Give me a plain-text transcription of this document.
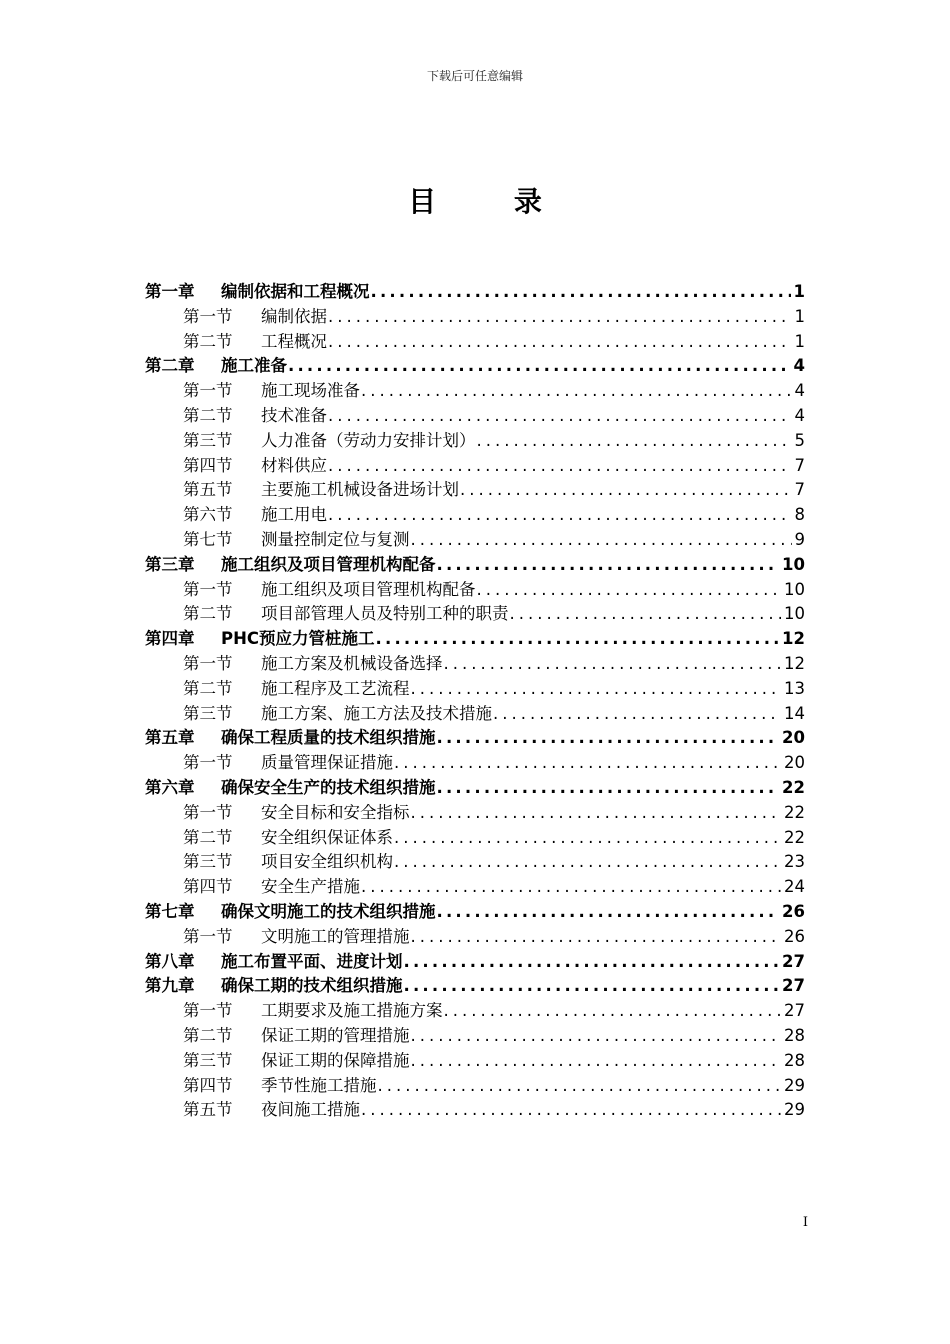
下载后可任意编辑
目 录
第一章	编制依据和工程概况 .....	1
第一节	编制依据 .....	1
第二节	工程概况 .....	1
第二章	施工准备 .....	4
第一节	施工现场准备 .....	4
第二节	技术准备 .....	4
第三节	人力准备（劳动力安排计划） .....	5
第四节	材料供应 .....	7
第五节	主要施工机械设备进场计划 .....	7
第六节	施工用电 .....	8
第七节	测量控制定位与复测 .....	9
第三章	施工组织及项目管理机构配备 .....	10
第一节	施工组织及项目管理机构配备 .....	10
第二节	项目部管理人员及特别工种的职责 .....	10
第四章	PHC预应力管桩施工 .....	12
第一节	施工方案及机械设备选择 .....	12
第二节	施工程序及工艺流程 .....	13
第三节	施工方案、施工方法及技术措施 .....	14
第五章	确保工程质量的技术组织措施 .....	20
第一节	质量管理保证措施 .....	20
第六章	确保安全生产的技术组织措施 .....	22
第一节	安全目标和安全指标 .....	22
第二节	安全组织保证体系 .....	22
第三节	项目安全组织机构 .....	23
第四节	安全生产措施 .....	24
第七章	确保文明施工的技术组织措施 .....	26
第一节	文明施工的管理措施 .....	26
第八章	施工布置平面、进度计划 .....	27
第九章	确保工期的技术组织措施 .....	27
第一节	工期要求及施工措施方案 .....	27
第二节	保证工期的管理措施 .....	28
第三节	保证工期的保障措施 .....	28
第四节	季节性施工措施 .....	29
第五节	夜间施工措施 .....	29
I
